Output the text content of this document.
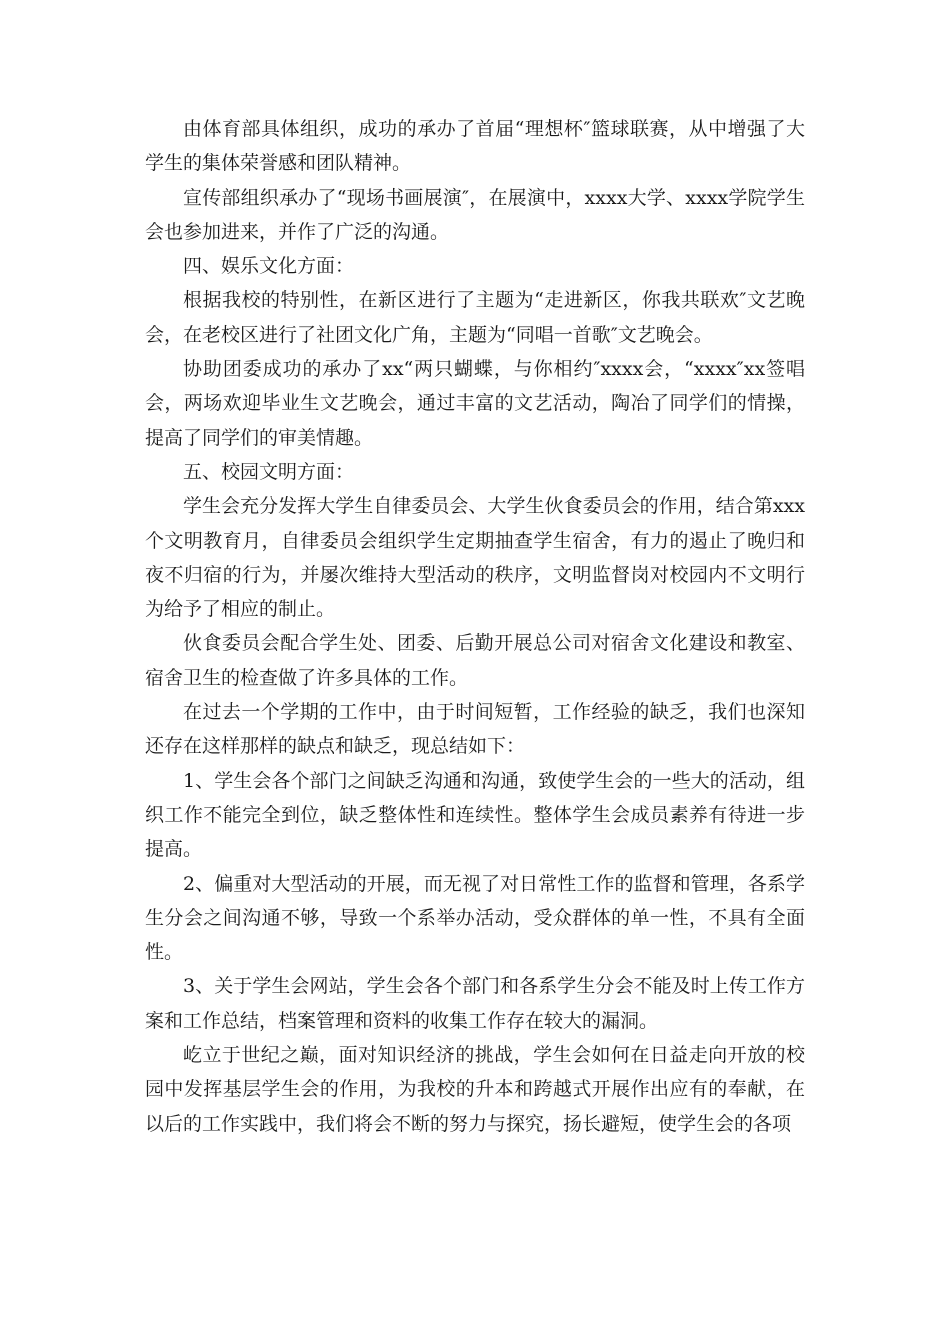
由体育部具体组织，成功的承办了首届“理想杯″篮球联赛，从中增强了大学生的集体荣誉感和团队精神。

宣传部组织承办了“现场书画展演″，在展演中，xxxx大学、xxxx学院学生会也参加进来，并作了广泛的沟通。

四、娱乐文化方面：

根据我校的特别性，在新区进行了主题为“走进新区，你我共联欢″文艺晚会，在老校区进行了社团文化广角，主题为“同唱一首歌″文艺晚会。

协助团委成功的承办了xx“两只蝴蝶，与你相约″xxxx会，“xxxx″xx签唱会，两场欢迎毕业生文艺晚会，通过丰富的文艺活动，陶冶了同学们的情操，提高了同学们的审美情趣。

五、校园文明方面：

学生会充分发挥大学生自律委员会、大学生伙食委员会的作用，结合第xxx个文明教育月，自律委员会组织学生定期抽查学生宿舍，有力的遏止了晚归和夜不归宿的行为，并屡次维持大型活动的秩序，文明监督岗对校园内不文明行为给予了相应的制止。

伙食委员会配合学生处、团委、后勤开展总公司对宿舍文化建设和教室、宿舍卫生的检查做了许多具体的工作。

在过去一个学期的工作中，由于时间短暂，工作经验的缺乏，我们也深知还存在这样那样的缺点和缺乏，现总结如下：

1、学生会各个部门之间缺乏沟通和沟通，致使学生会的一些大的活动，组织工作不能完全到位，缺乏整体性和连续性。整体学生会成员素养有待进一步提高。

2、偏重对大型活动的开展，而无视了对日常性工作的监督和管理，各系学生分会之间沟通不够，导致一个系举办活动，受众群体的单一性，不具有全面性。

3、关于学生会网站，学生会各个部门和各系学生分会不能及时上传工作方案和工作总结，档案管理和资料的收集工作存在较大的漏洞。

屹立于世纪之巅，面对知识经济的挑战，学生会如何在日益走向开放的校园中发挥基层学生会的作用，为我校的升本和跨越式开展作出应有的奉献，在以后的工作实践中，我们将会不断的努力与探究，扬长避短，使学生会的各项
